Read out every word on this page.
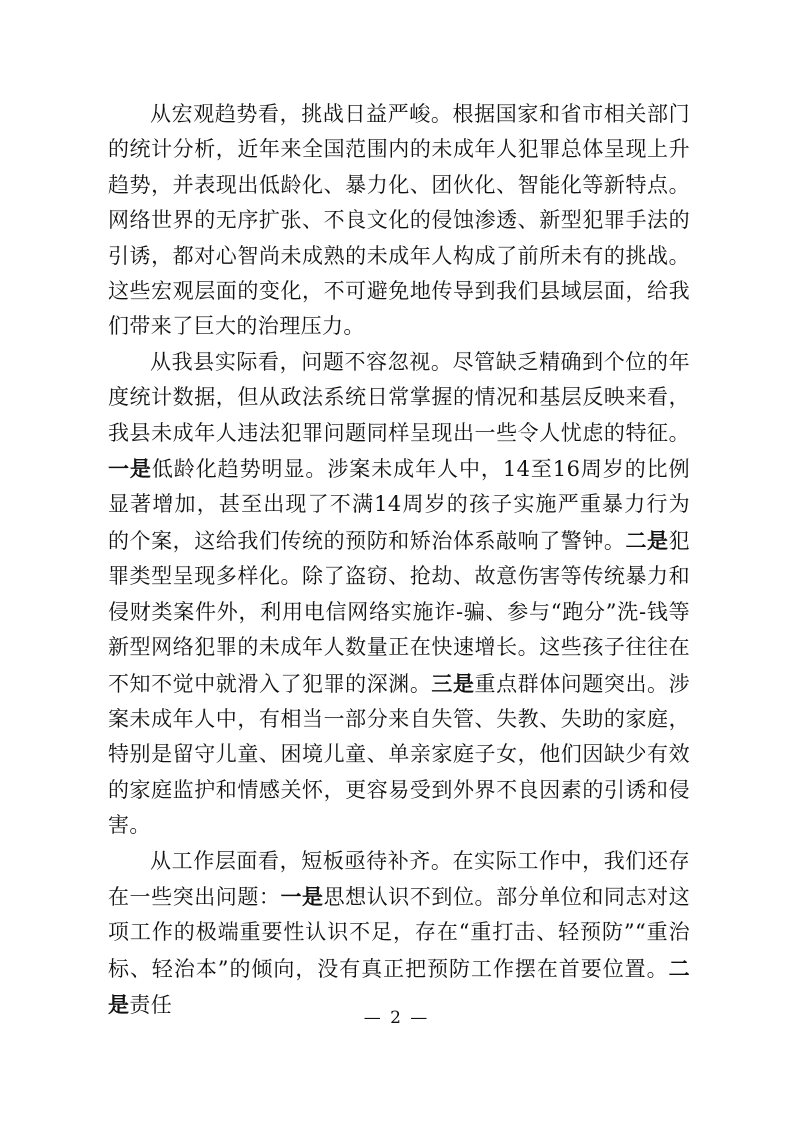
从宏观趋势看，挑战日益严峻。根据国家和省市相关部门的统计分析，近年来全国范围内的未成年人犯罪总体呈现上升趋势，并表现出低龄化、暴力化、团伙化、智能化等新特点。网络世界的无序扩张、不良文化的侵蚀渗透、新型犯罪手法的引诱，都对心智尚未成熟的未成年人构成了前所未有的挑战。这些宏观层面的变化，不可避免地传导到我们县域层面，给我们带来了巨大的治理压力。

从我县实际看，问题不容忽视。尽管缺乏精确到个位的年度统计数据，但从政法系统日常掌握的情况和基层反映来看，我县未成年人违法犯罪问题同样呈现出一些令人忧虑的特征。一是低龄化趋势明显。涉案未成年人中，14至16周岁的比例显著增加，甚至出现了不满14周岁的孩子实施严重暴力行为的个案，这给我们传统的预防和矫治体系敲响了警钟。二是犯罪类型呈现多样化。除了盗窃、抢劫、故意伤害等传统暴力和侵财类案件外，利用电信网络实施诈-骗、参与“跑分”洗-钱等新型网络犯罪的未成年人数量正在快速增长。这些孩子往往在不知不觉中就滑入了犯罪的深渊。三是重点群体问题突出。涉案未成年人中，有相当一部分来自失管、失教、失助的家庭，特别是留守儿童、困境儿童、单亲家庭子女，他们因缺少有效的家庭监护和情感关怀，更容易受到外界不良因素的引诱和侵害。

从工作层面看，短板亟待补齐。在实际工作中，我们还存在一些突出问题：一是思想认识不到位。部分单位和同志对这项工作的极端重要性认识不足，存在“重打击、轻预防”“重治标、轻治本”的倾向，没有真正把预防工作摆在首要位置。二是责任

— 2 —
